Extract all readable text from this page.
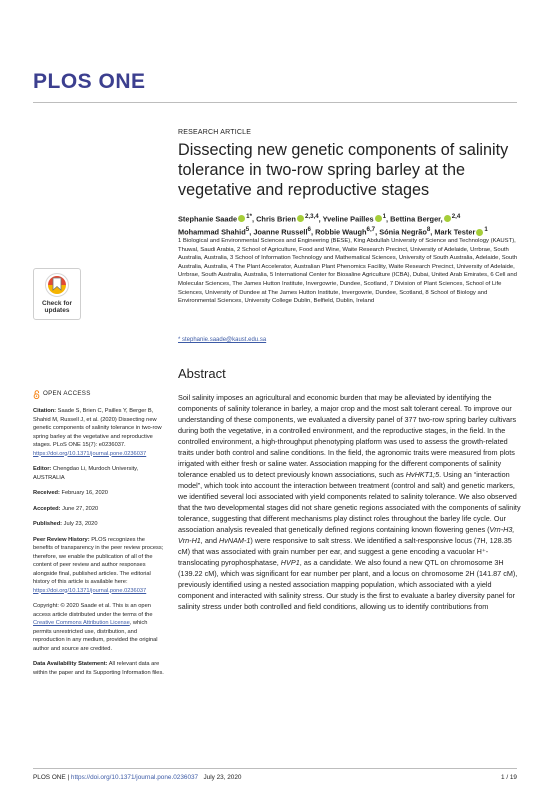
PLOS ONE
Check for
updates
RESEARCH ARTICLE
Dissecting new genetic components of salinity tolerance in two-row spring barley at the vegetative and reproductive stages
Stephanie Saade $^{1*}$, Chris Brien $^{2,3,4}$, Yveline Pailles $^1$, Bettina Berger, $^{2,4}$
Mohammad Shahid$^5$, Joanne Russell$^6$, Robbie Waugh$^{6,7}$, Sónia Negrão$^8$, Mark Tester $^1$
1 Biological and Environmental Sciences and Engineering (BESE), King Abdullah University of Science and Technology (KAUST), Thuwal, Saudi Arabia, 2 School of Agriculture, Food and Wine, Waite Research Precinct, University of Adelaide, Urrbrae, South Australia, Australia, 3 School of Information Technology and Mathematical Sciences, University of South Australia, Adelaide, South Australia, Australia, 4 The Plant Accelerator, Australian Plant Phenomics Facility, Waite Research Precinct, University of Adelaide, Urrbrae, South Australia, Australia, 5 International Center for Biosaline Agriculture (ICBA), Dubai, United Arab Emirates, 6 Cell and Molecular Sciences, The James Hutton Institute, Invergowrie, Dundee, Scotland, 7 Division of Plant Sciences, School of Life Sciences, University of Dundee at The James Hutton Institute, Invergowrie, Dundee, Scotland, 8 School of Biology and Environmental Sciences, University College Dublin, Belfield, Dublin, Ireland
* stephanie.saade@kaust.edu.sa
Abstract
Soil salinity imposes an agricultural and economic burden that may be alleviated by identifying the components of salinity tolerance in barley, a major crop and the most salt tolerant cereal. To improve our understanding of these components, we evaluated a diversity panel of 377 two-row spring barley cultivars during both the vegetative, in a controlled environment, and the reproductive stages, in the field. In the controlled environment, a high-throughput phenotyping platform was used to assess the growth-related traits under both control and saline conditions. In the field, the agronomic traits were measured from plots irrigated with either fresh or saline water. Association mapping for the different components of salinity tolerance enabled us to detect previously known associations, such as HvHKT1;5. Using an “interaction model”, which took into account the interaction between treatment (control and salt) and genetic markers, we identified several loci associated with yield components related to salinity tolerance. We also observed that the two developmental stages did not share genetic regions associated with the components of salinity tolerance, suggesting that different mechanisms play distinct roles throughout the barley life cycle. Our association analysis revealed that genetically defined regions containing known flowering genes (Vrn-H3, Vrn-H1, and HvNAM-1) were responsive to salt stress. We identified a salt-responsive locus (7H, 128.35 cM) that was associated with grain number per ear, and suggest a gene encoding a vacuolar H⁺-translocating pyrophosphatase, HVP1, as a candidate. We also found a new QTL on chromosome 3H (139.22 cM), which was significant for ear number per plant, and a locus on chromosome 2H (141.87 cM), previously identified using a nested association mapping population, which associated with a yield component and interacted with salinity stress. Our study is the first to evaluate a barley diversity panel for salinity stress under both controlled and field conditions, allowing us to identify contributions from
OPEN ACCESS
Citation: Saade S, Brien C, Pailles Y, Berger B, Shahid M, Russell J, et al. (2020) Dissecting new genetic components of salinity tolerance in two-row spring barley at the vegetative and reproductive stages. PLoS ONE 15(7): e0236037. https://doi.org/10.1371/journal.pone.0236037
Editor: Chengdao Li, Murdoch University, AUSTRALIA
Received: February 16, 2020
Accepted: June 27, 2020
Published: July 23, 2020
Peer Review History: PLOS recognizes the benefits of transparency in the peer review process; therefore, we enable the publication of all of the content of peer review and author responses alongside final, published articles. The editorial history of this article is available here: https://doi.org/10.1371/journal.pone.0236037
Copyright: © 2020 Saade et al. This is an open access article distributed under the terms of the Creative Commons Attribution License, which permits unrestricted use, distribution, and reproduction in any medium, provided the original author and source are credited.
Data Availability Statement: All relevant data are within the paper and its Supporting Information files.
PLOS ONE | https://doi.org/10.1371/journal.pone.0236037 July 23, 2020	1 / 19
